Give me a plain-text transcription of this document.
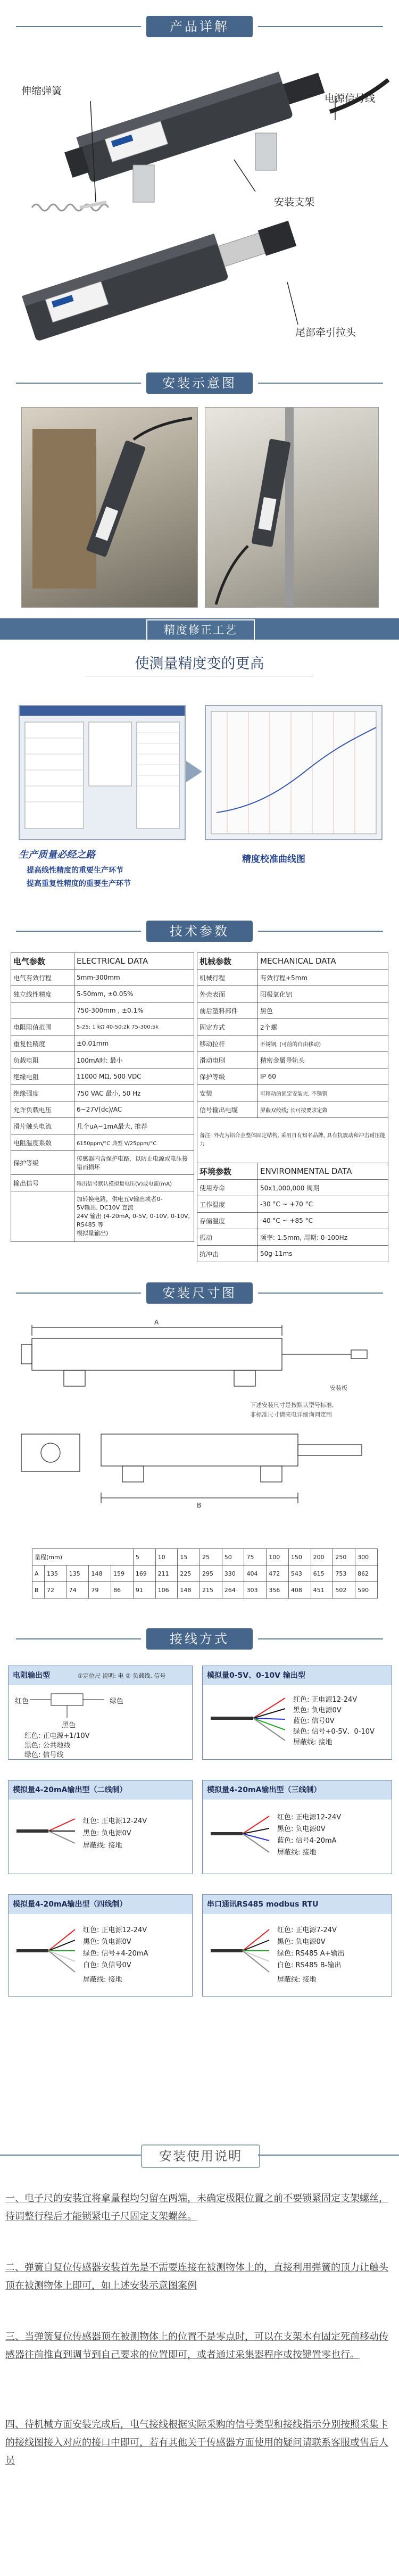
产品详解
伸缩弹簧
电源信号线
安装支架
尾部牵引拉头
安装示意图
精度修正工艺
使测量精度变的更高
生产质量必经之路
提高线性精度的重要生产环节
提高重复性精度的重要生产环节
精度校准曲线图
技术参数
电气参数	ELECTRICAL DATA
电气有效行程	5mm-300mm
独立线性精度	5-50mm, ±0.05%
	750-300mm , ±0.1%
电阻阻值范围	5-25: 1 kΩ 40-50:2k 75-300:5k
重复性精度	±0.01mm
负载电阻	100mA时: 最小
绝缘电阻	11000 MΩ, 500 VDC
绝缘强度	750 VAC 最小, 50 Hz
允许负载电压	6~27V(dc)/AC
滑片触头电流	几个uA~1mA最大, 推荐
电阻温度系数	6150ppm/°C 典型 V/25ppm/°C
保护等级	传感器内含保护电路，以防止电源或电压接错而损坏
输出信号	输出信号默认模拟量电压(V)或电流(mA)

	加转换电路，供电五V输出或者0-
5V输出, DC10V 直流
24V 输出 (4-20mA, 0-5V, 0-10V, 0-10V, RS485 等
模拟量输出)
机械参数	MECHANICAL DATA
机械行程	有效行程+5mm
外壳表面	阳极氧化铝
前后塑料部件	黑色
固定方式	2个螺
移动拉杆	不锈钢, (可前的自由移动)
滑动电刷	精密金属导轨头
保护等级	IP 60
安装	可移动的固定安装夹, 不锈钢
信号输出电缆	屏蔽双绞线; 长可按要求定做
备注: 外壳为铝合金整体固定结构, 采用自有知名品牌, 具有抗震动和冲击耐压能力	
环境参数	ENVIRONMENTAL DATA
使用寿命	50x1,000,000 周期
工作温度	-30 °C ~ +70 °C
存储温度	-40 °C ~ +85 °C
振动	频率: 1.5mm, 周期: 0-100Hz
抗冲击	50g-11ms
安装尺寸图
A
B
下述安装尺寸是按默认型号标准,
非标准尺寸请来电详细询问定制
安装板
量程(mm)					5	10	15	25	50	75	100	150	200	250	300
A	135	135	148	159	169	211	225	295	330	404	472	543	615	753	862
B	72	74	79	86	91	106	148	215	264	303	356	408	451	502	590
接线方式
电阻输出型	①定位尺 说明: 电 ② 负载线, 信号
红色	绿色
黑色
红色: 正电源+1/10V
黑色: 公共地线
绿色: 信号线
模拟量0-5V、0-10V 输出型
红色: 正电源12-24V
黑色: 负电源0V
蓝色: 信号0V
绿色: 信号+0-5V、0-10V
屏蔽线: 接地
模拟量4-20mA输出型（二线制）
红色: 正电源12-24V
黑色: 负电源0V
屏蔽线: 接地
模拟量4-20mA输出型（三线制）
红色: 正电源12-24V
黑色: 负电源0V
蓝色: 信号4-20mA
屏蔽线: 接地
模拟量4-20mA输出型（四线制）
红色: 正电源12-24V
黑色: 负电源0V
绿色: 信号+4-20mA
白色: 负信号0V
屏蔽线: 接地
串口通讯RS485 modbus RTU
红色: 正电源7-24V
黑色: 负电源0V
绿色: RS485 A+输出
白色: RS485 B-输出
屏蔽线: 接地
安装使用说明
一、电子尺的安装宜将拿量程均匀留在两端，未确定极限位置之前不要锁紧固定支架螺丝，待调整行程后才能锁紧电子尺固定支架螺丝。
二、弹簧自复位传感器安装首先是不需要连接在被测物体上的，直接利用弹簧的顶力让触头顶在被测物体上即可，如上述安装示意图案例
三、当弹簧复位传感器顶在被测物体上的位置不是零点时，可以在支架木有固定死前移动传感器往前推直到调节到自己要求的位置即可，或者通过采集器程序或按键置零也行。
四、待机械方面安装完成后，电气接线根据实际采购的信号类型和接线指示分别按照采集卡的接线图接入对应的接口中即可，若有其他关于传感器方面使用的疑问请联系客服或售后人员
